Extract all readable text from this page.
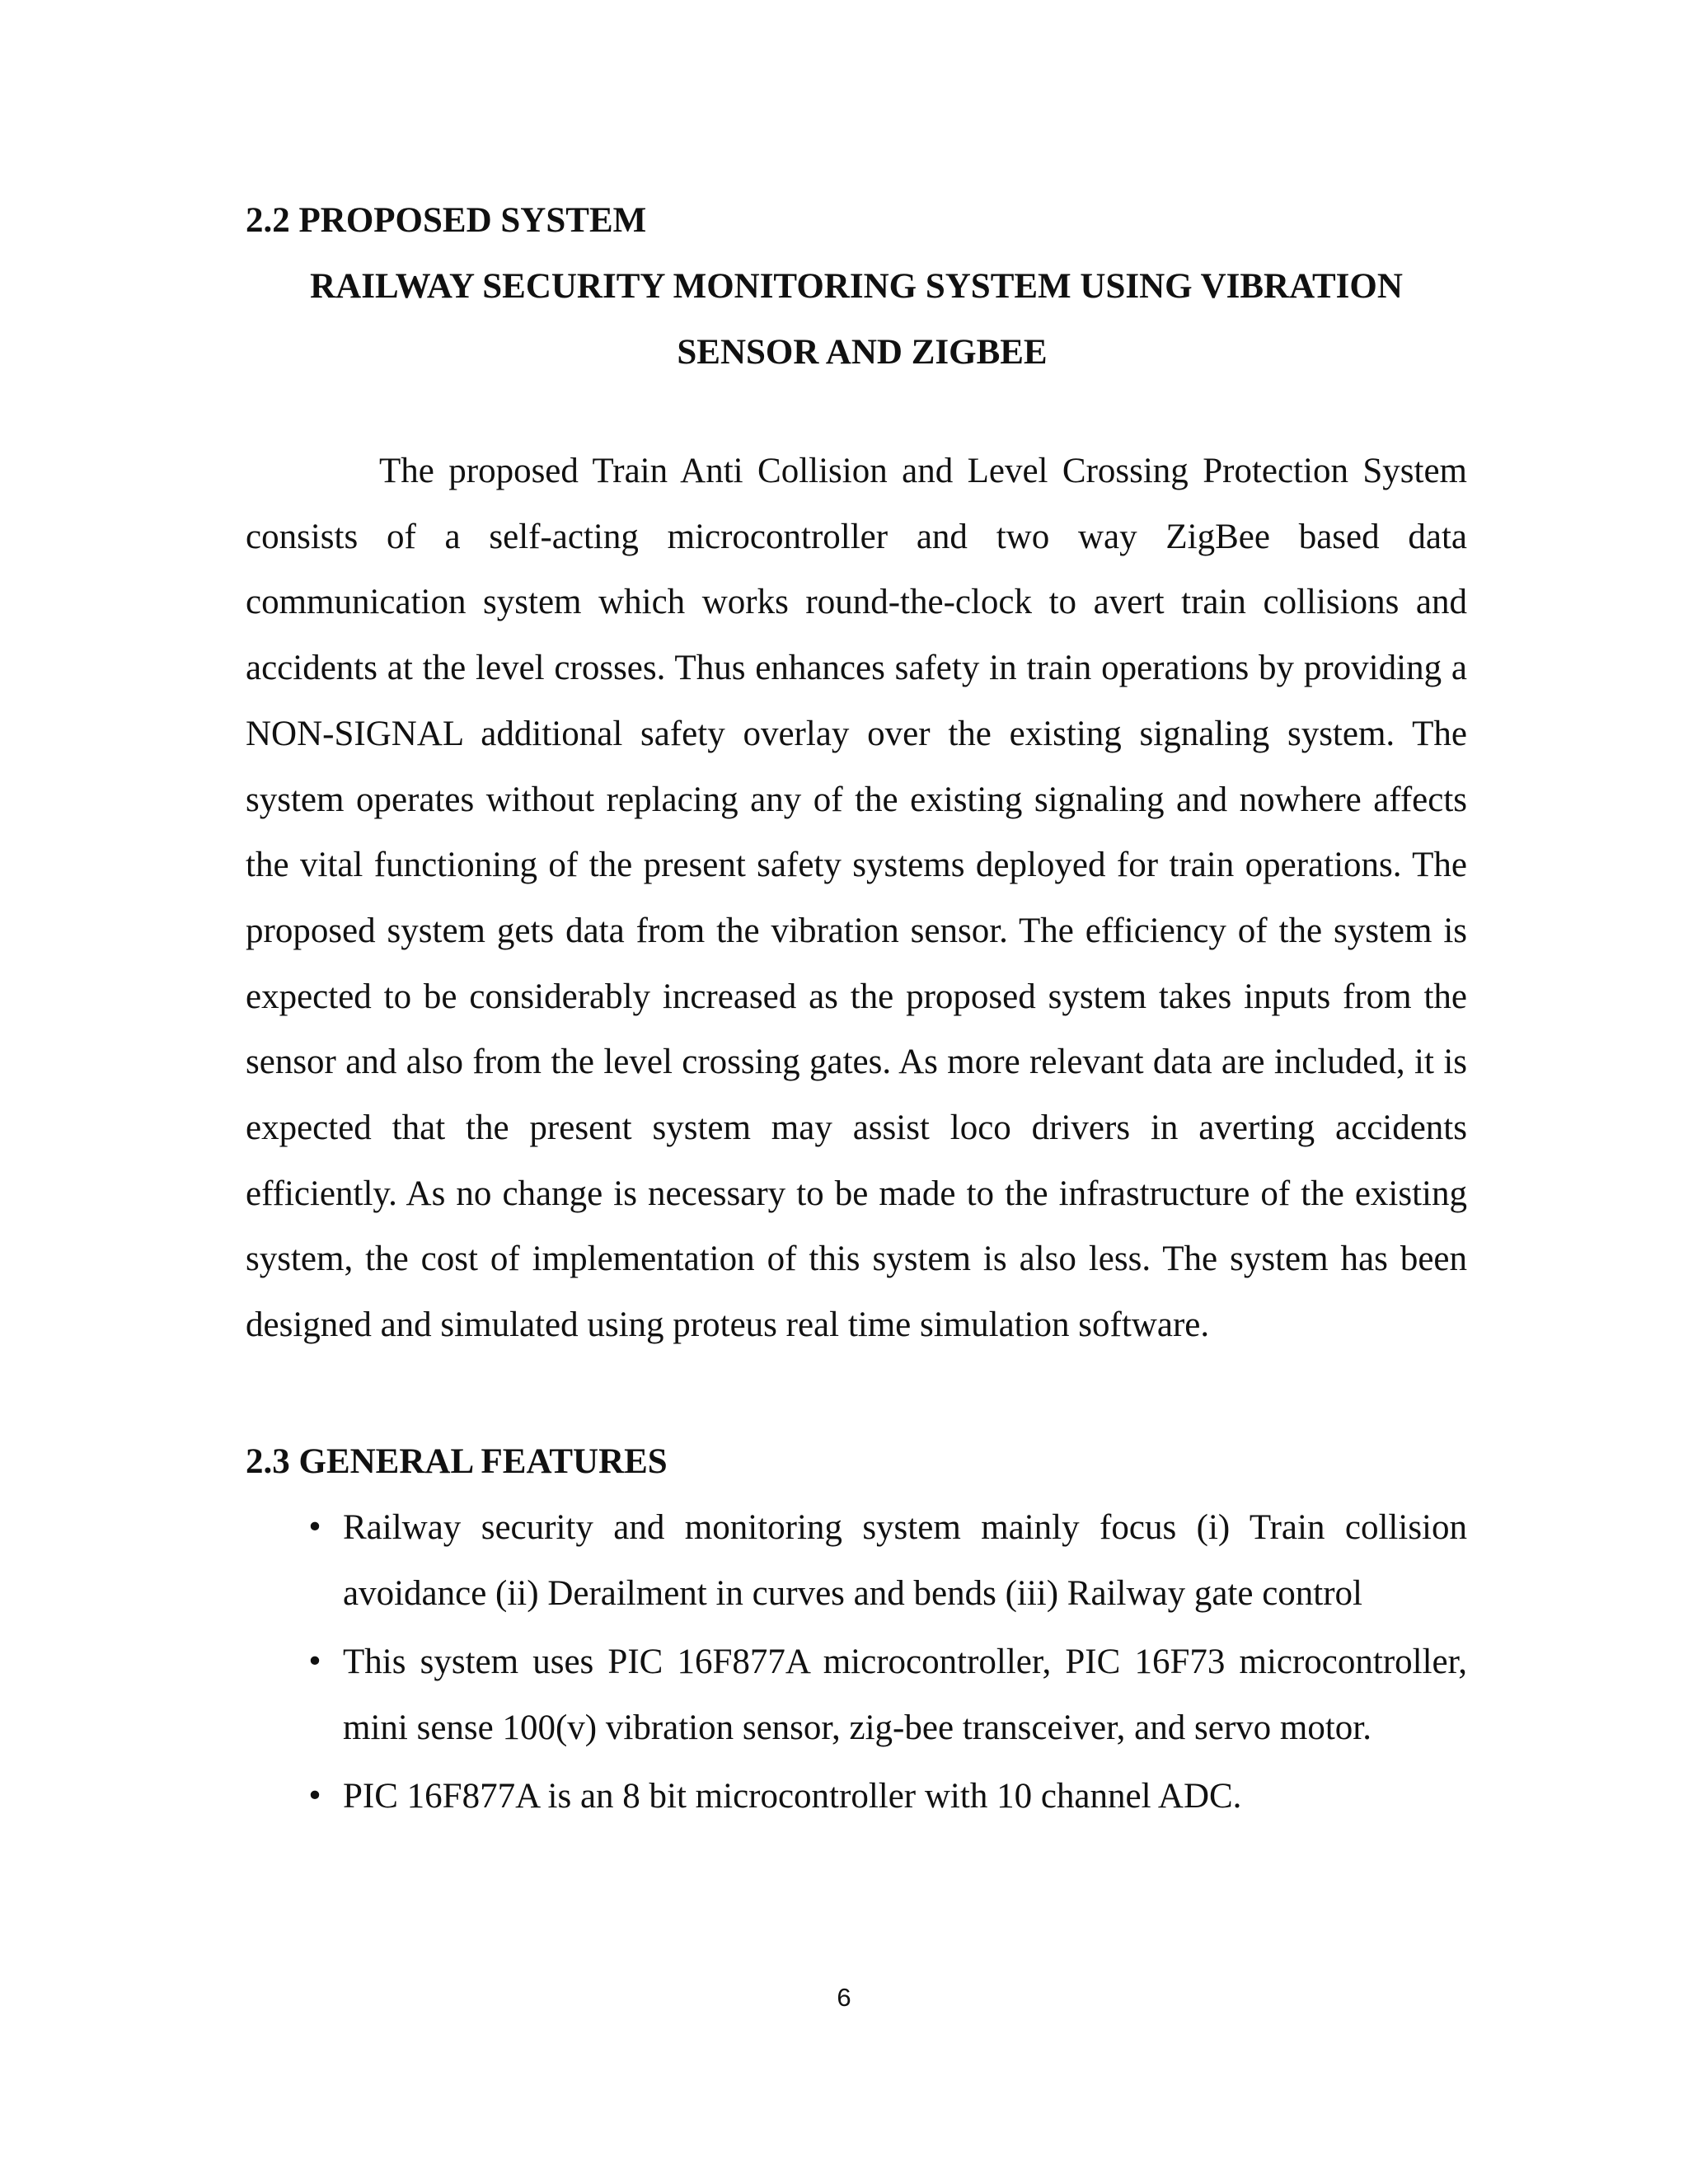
2.2 PROPOSED SYSTEM
RAILWAY SECURITY MONITORING SYSTEM USING VIBRATION

SENSOR AND ZIGBEE

The proposed Train Anti Collision and Level Crossing Protection System consists of a self-acting microcontroller and two way ZigBee based data communication system which works round-the-clock to avert train collisions and accidents at the level crosses. Thus enhances safety in train operations by providing a NON-SIGNAL additional safety overlay over the existing signaling system. The system operates without replacing any of the existing signaling and nowhere affects the vital functioning of the present safety systems deployed for train operations. The proposed system gets data from the vibration sensor. The efficiency of the system is expected to be considerably increased as the proposed system takes inputs from the sensor and also from the level crossing gates. As more relevant data are included, it is expected that the present system may assist loco drivers in averting accidents efficiently. As no change is necessary to be made to the infrastructure of the existing system, the cost of implementation of this system is also less. The system has been designed and simulated using proteus real time simulation software.

2.3 GENERAL FEATURES
• Railway security and monitoring system mainly focus (i) Train collision avoidance (ii) Derailment in curves and bends (iii) Railway gate control
• This system uses PIC 16F877A microcontroller, PIC 16F73 microcontroller, mini sense 100(v) vibration sensor, zig-bee transceiver, and servo motor.
• PIC 16F877A is an 8 bit microcontroller with 10 channel ADC.
6
